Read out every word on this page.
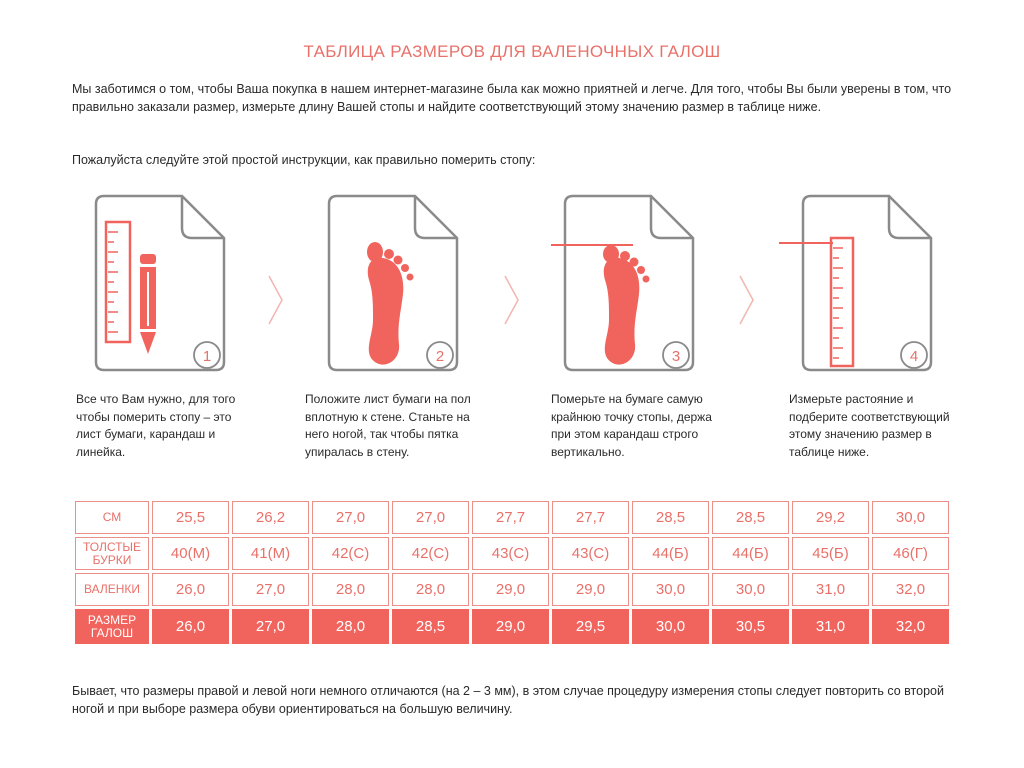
ТАБЛИЦА РАЗМЕРОВ ДЛЯ ВАЛЕНОЧНЫХ ГАЛОШ
Мы заботимся о том, чтобы Ваша покупка в нашем интернет-магазине была как можно приятней и легче. Для того, чтобы Вы были уверены в том, что правильно заказали размер, измерьте длину Вашей стопы и найдите соответствующий этому значению размер в таблице ниже.
Пожалуйста следуйте этой простой инструкции, как правильно померить стопу:
1
Все что Вам нужно, для того чтобы померить стопу – это лист бумаги, карандаш и линейка.
2
Положите лист бумаги на пол вплотную к стене. Станьте на него ногой, так чтобы пятка упиралась в стену.
3
Померьте на бумаге самую крайнюю точку стопы, держа при этом карандаш строго вертикально.
4
Измерьте растояние и подберите соответствующий этому значению размер в таблице ниже.
СМ	25,5	26,2	27,0	27,0	27,7	27,7	28,5	28,5	29,2	30,0
ТОЛСТЫЕ БУРКИ	40(М)	41(М)	42(С)	42(С)	43(С)	43(С)	44(Б)	44(Б)	45(Б)	46(Г)
ВАЛЕНКИ	26,0	27,0	28,0	28,0	29,0	29,0	30,0	30,0	31,0	32,0
РАЗМЕР ГАЛОШ	26,0	27,0	28,0	28,5	29,0	29,5	30,0	30,5	31,0	32,0
Бывает, что размеры правой и левой ноги немного отличаются (на 2 – 3 мм), в этом случае процедуру измерения стопы следует повторить со второй ногой и при выборе размера обуви ориентироваться на большую величину.
